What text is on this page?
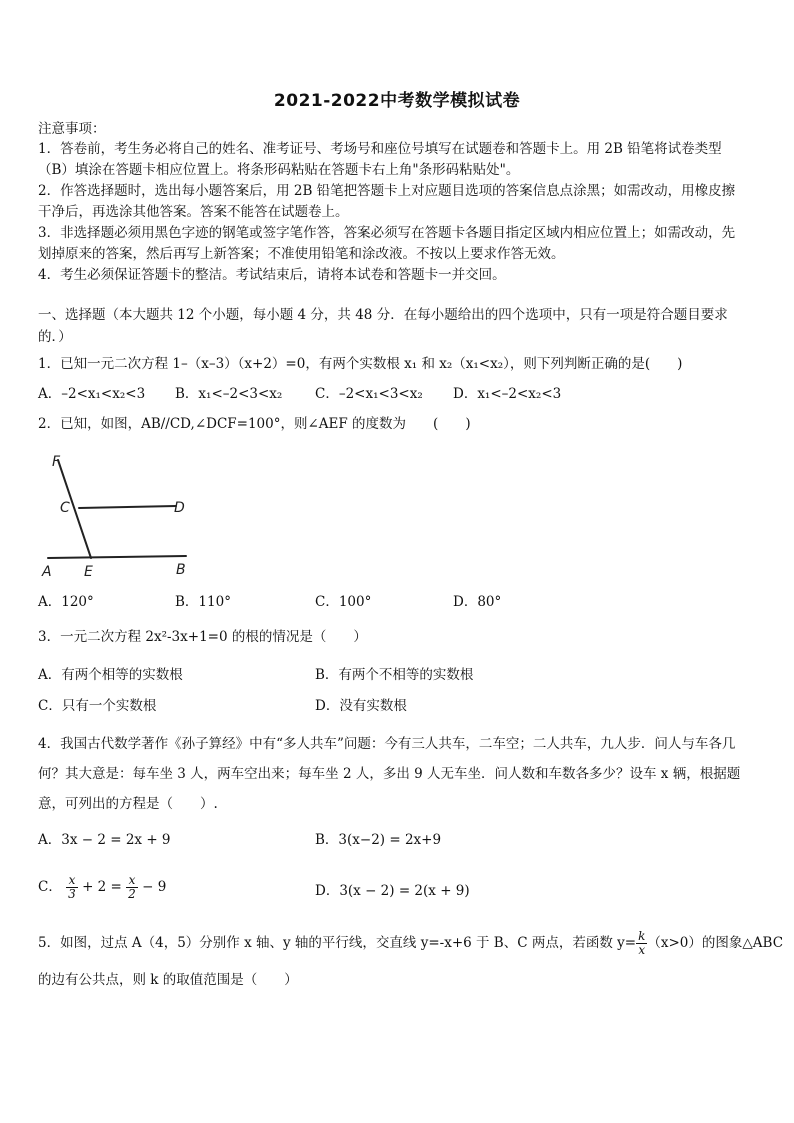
2021-2022中考数学模拟试卷
注意事项：
1．答卷前，考生务必将自己的姓名、准考证号、考场号和座位号填写在试题卷和答题卡上。用 2B 铅笔将试卷类型
（B）填涂在答题卡相应位置上。将条形码粘贴在答题卡右上角"条形码粘贴处"。
2．作答选择题时，选出每小题答案后，用 2B 铅笔把答题卡上对应题目选项的答案信息点涂黑；如需改动，用橡皮擦
干净后，再选涂其他答案。答案不能答在试题卷上。
3．非选择题必须用黑色字迹的钢笔或签字笔作答，答案必须写在答题卡各题目指定区域内相应位置上；如需改动，先
划掉原来的答案，然后再写上新答案；不准使用铅笔和涂改液。不按以上要求作答无效。
4．考生必须保证答题卡的整洁。考试结束后，请将本试卷和答题卡一并交回。
一、选择题（本大题共 12 个小题，每小题 4 分，共 48 分．在每小题给出的四个选项中，只有一项是符合题目要求
的．）
1．已知一元二次方程 1–（x–3）（x+2）=0，有两个实数根 x₁ 和 x₂（x₁<x₂），则下列判断正确的是(　　)
A．–2<x₁<x₂<3 B．x₁<–2<3<x₂ C．–2<x₁<3<x₂ D．x₁<–2<x₂<3
2．已知，如图，AB//CD,∠DCF=100°，则∠AEF 的度数为　　(　　)
F
C	D
A E	B
A．120°	B．110°	C．100°	D．80°
3．一元二次方程 2x²-3x+1=0 的根的情况是（　　）
A．有两个相等的实数根	B．有两个不相等的实数根
C．只有一个实数根	D．没有实数根
4．我国古代数学著作《孙子算经》中有“多人共车”问题：今有三人共车，二车空；二人共车，九人步．问人与车各几
何？其大意是：每车坐 3 人，两车空出来；每车坐 2 人，多出 9 人无车坐．问人数和车数各多少？设车 x 辆，根据题
意，可列出的方程是（　　）.
A．3x − 2 = 2x + 9	B．3(x−2) = 2x+9
C． $\frac{x}{3} + 2 = \frac{x}{2} - 9$	D．3(x − 2) = 2(x + 9)
5．如图，过点 A（4，5）分别作 x 轴、y 轴的平行线，交直线 y=-x+6 于 B、C 两点，若函数 $y= \frac{k}{x} (x>0)$的图象△ABC
的边有公共点，则 k 的取值范围是（　　）
